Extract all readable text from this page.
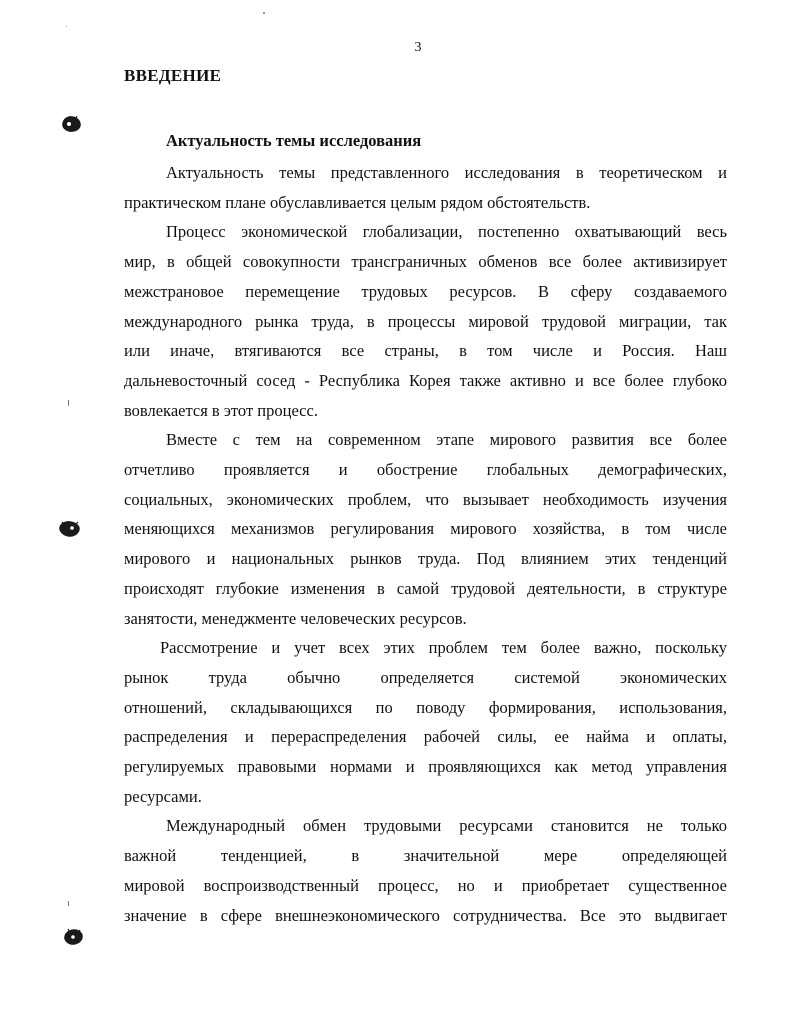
3
ВВЕДЕНИЕ
Актуальность темы исследования

Актуальность темы представленного исследования в теоретическом и
практическом плане обуславливается целым рядом обстоятельств.

Процесс экономической глобализации, постепенно охватывающий весь
мир, в общей совокупности трансграничных обменов все более активизирует
межстрановое перемещение трудовых ресурсов. В сферу создаваемого
международного рынка труда, в процессы мировой трудовой миграции, так
или иначе, втягиваются все страны, в том числе и Россия. Наш
дальневосточный сосед - Республика Корея также активно и все более глубоко
вовлекается в этот процесс.

Вместе с тем на современном этапе мирового развития все более
отчетливо проявляется и обострение глобальных демографических,
социальных, экономических проблем, что вызывает необходимость изучения
меняющихся механизмов регулирования мирового хозяйства, в том числе
мирового и национальных рынков труда. Под влиянием этих тенденций
происходят глубокие изменения в самой трудовой деятельности, в структуре
занятости, менеджменте человеческих ресурсов.

Рассмотрение и учет всех этих проблем тем более важно, поскольку
рынок труда обычно определяется системой экономических
отношений, складывающихся по поводу формирования, использования,
распределения и перераспределения рабочей силы, ее найма и оплаты,
регулируемых правовыми нормами и проявляющихся как метод управления
ресурсами.

Международный обмен трудовыми ресурсами становится не только
важной тенденцией, в значительной мере определяющей
мировой воспроизводственный процесс, но и приобретает существенное
значение в сфере внешнеэкономического сотрудничества. Все это выдвигает
